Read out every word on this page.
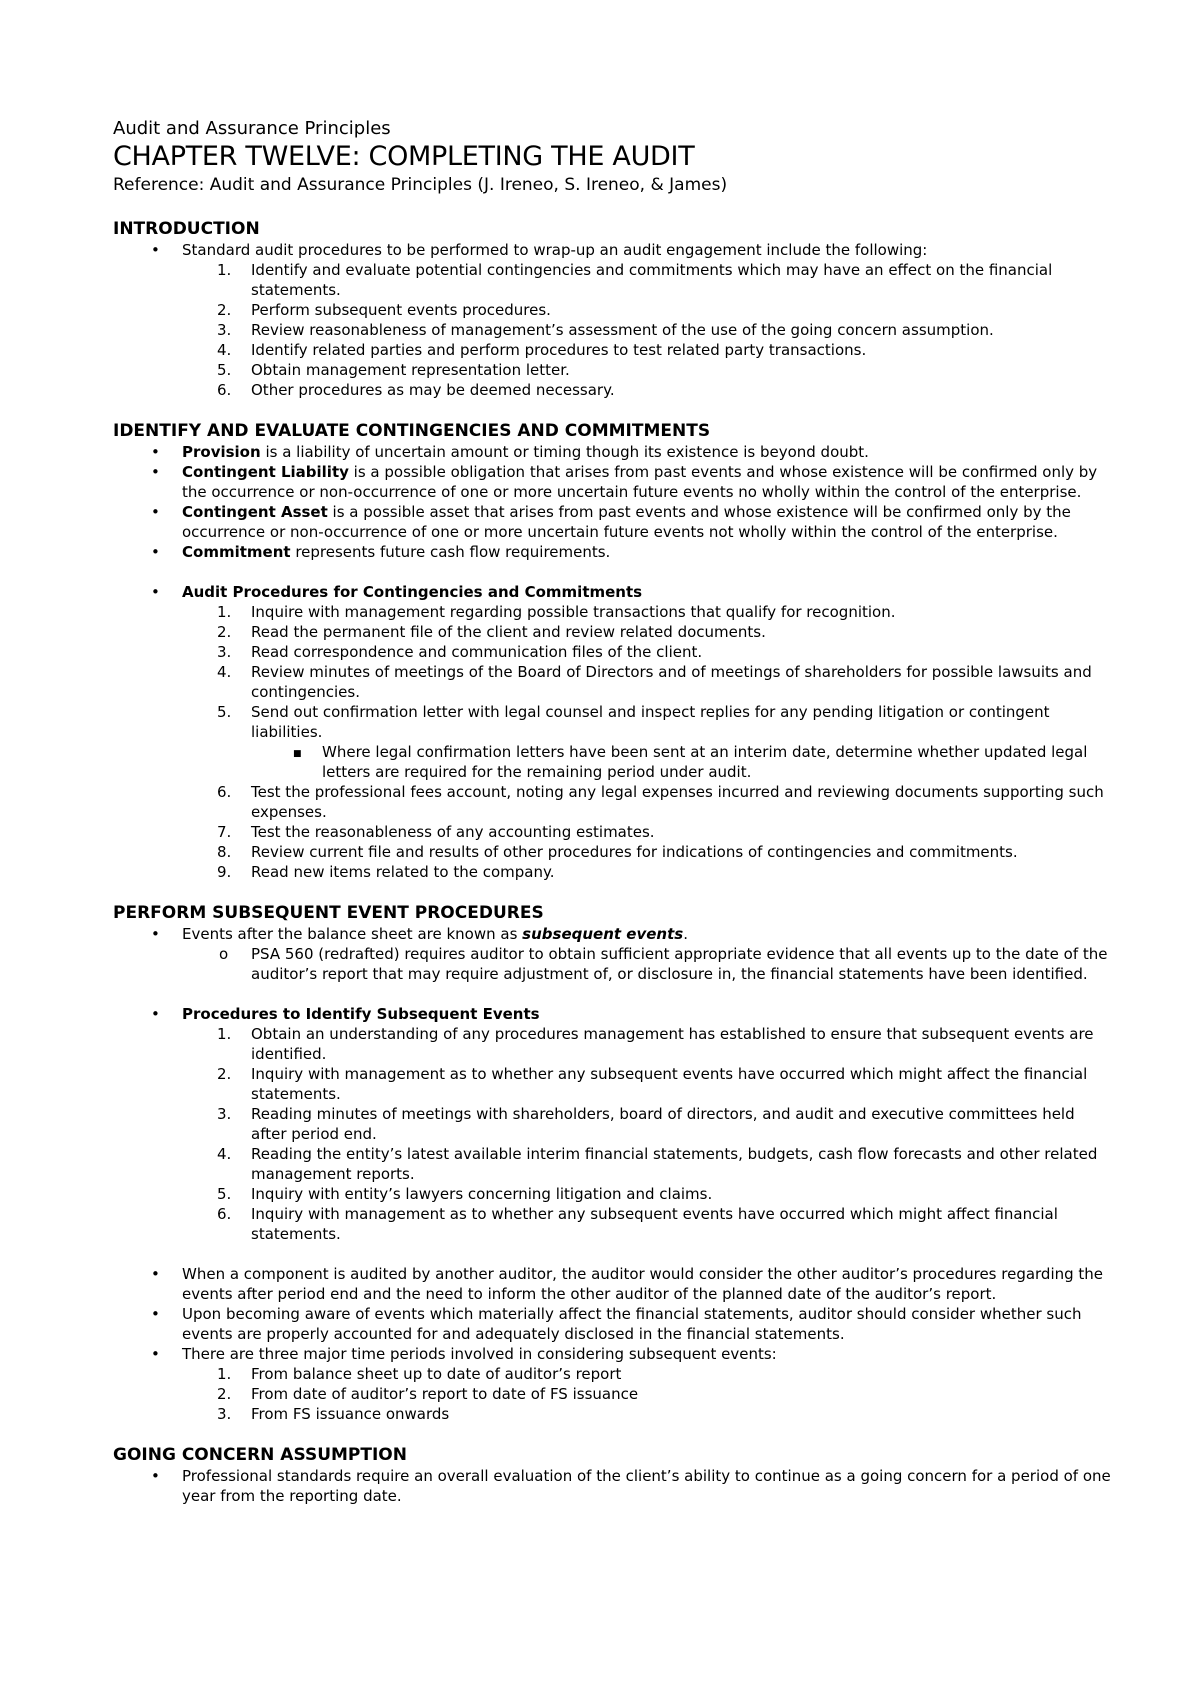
Audit and Assurance Principles

CHAPTER TWELVE: COMPLETING THE AUDIT

Reference: Audit and Assurance Principles (J. Ireneo, S. Ireneo, & James)

INTRODUCTION
• Standard audit procedures to be performed to wrap-up an audit engagement include the following:
1.	Identify and evaluate potential contingencies and commitments which may have an effect on the financial statements.
2.	Perform subsequent events procedures.
3.	Review reasonableness of management’s assessment of the use of the going concern assumption.
4.	Identify related parties and perform procedures to test related party transactions.
5.	Obtain management representation letter.
6.	Other procedures as may be deemed necessary.
IDENTIFY AND EVALUATE CONTINGENCIES AND COMMITMENTS
• Provision is a liability of uncertain amount or timing though its existence is beyond doubt.
• Contingent Liability is a possible obligation that arises from past events and whose existence will be confirmed only by the occurrence or non-occurrence of one or more uncertain future events no wholly within the control of the enterprise.
• Contingent Asset is a possible asset that arises from past events and whose existence will be confirmed only by the occurrence or non-occurrence of one or more uncertain future events not wholly within the control of the enterprise.
• Commitment represents future cash flow requirements.
• Audit Procedures for Contingencies and Commitments
1.	Inquire with management regarding possible transactions that qualify for recognition.
2.	Read the permanent file of the client and review related documents.
3.	Read correspondence and communication files of the client.
4.	Review minutes of meetings of the Board of Directors and of meetings of shareholders for possible lawsuits and contingencies.
5.	Send out confirmation letter with legal counsel and inspect replies for any pending litigation or contingent liabilities.
■ Where legal confirmation letters have been sent at an interim date, determine whether updated legal letters are required for the remaining period under audit.
6.	Test the professional fees account, noting any legal expenses incurred and reviewing documents supporting such expenses.
7.	Test the reasonableness of any accounting estimates.
8.	Review current file and results of other procedures for indications of contingencies and commitments.
9.	Read new items related to the company.
PERFORM SUBSEQUENT EVENT PROCEDURES
• Events after the balance sheet are known as subsequent events.
o PSA 560 (redrafted) requires auditor to obtain sufficient appropriate evidence that all events up to the date of the auditor’s report that may require adjustment of, or disclosure in, the financial statements have been identified.
• Procedures to Identify Subsequent Events
1.	Obtain an understanding of any procedures management has established to ensure that subsequent events are identified.
2.	Inquiry with management as to whether any subsequent events have occurred which might affect the financial statements.
3.	Reading minutes of meetings with shareholders, board of directors, and audit and executive committees held after period end.
4.	Reading the entity’s latest available interim financial statements, budgets, cash flow forecasts and other related management reports.
5.	Inquiry with entity’s lawyers concerning litigation and claims.
6.	Inquiry with management as to whether any subsequent events have occurred which might affect financial statements.
• When a component is audited by another auditor, the auditor would consider the other auditor’s procedures regarding the events after period end and the need to inform the other auditor of the planned date of the auditor’s report.
• Upon becoming aware of events which materially affect the financial statements, auditor should consider whether such events are properly accounted for and adequately disclosed in the financial statements.
• There are three major time periods involved in considering subsequent events:
1.	From balance sheet up to date of auditor’s report
2.	From date of auditor’s report to date of FS issuance
3.	From FS issuance onwards
GOING CONCERN ASSUMPTION
• Professional standards require an overall evaluation of the client’s ability to continue as a going concern for a period of one year from the reporting date.
